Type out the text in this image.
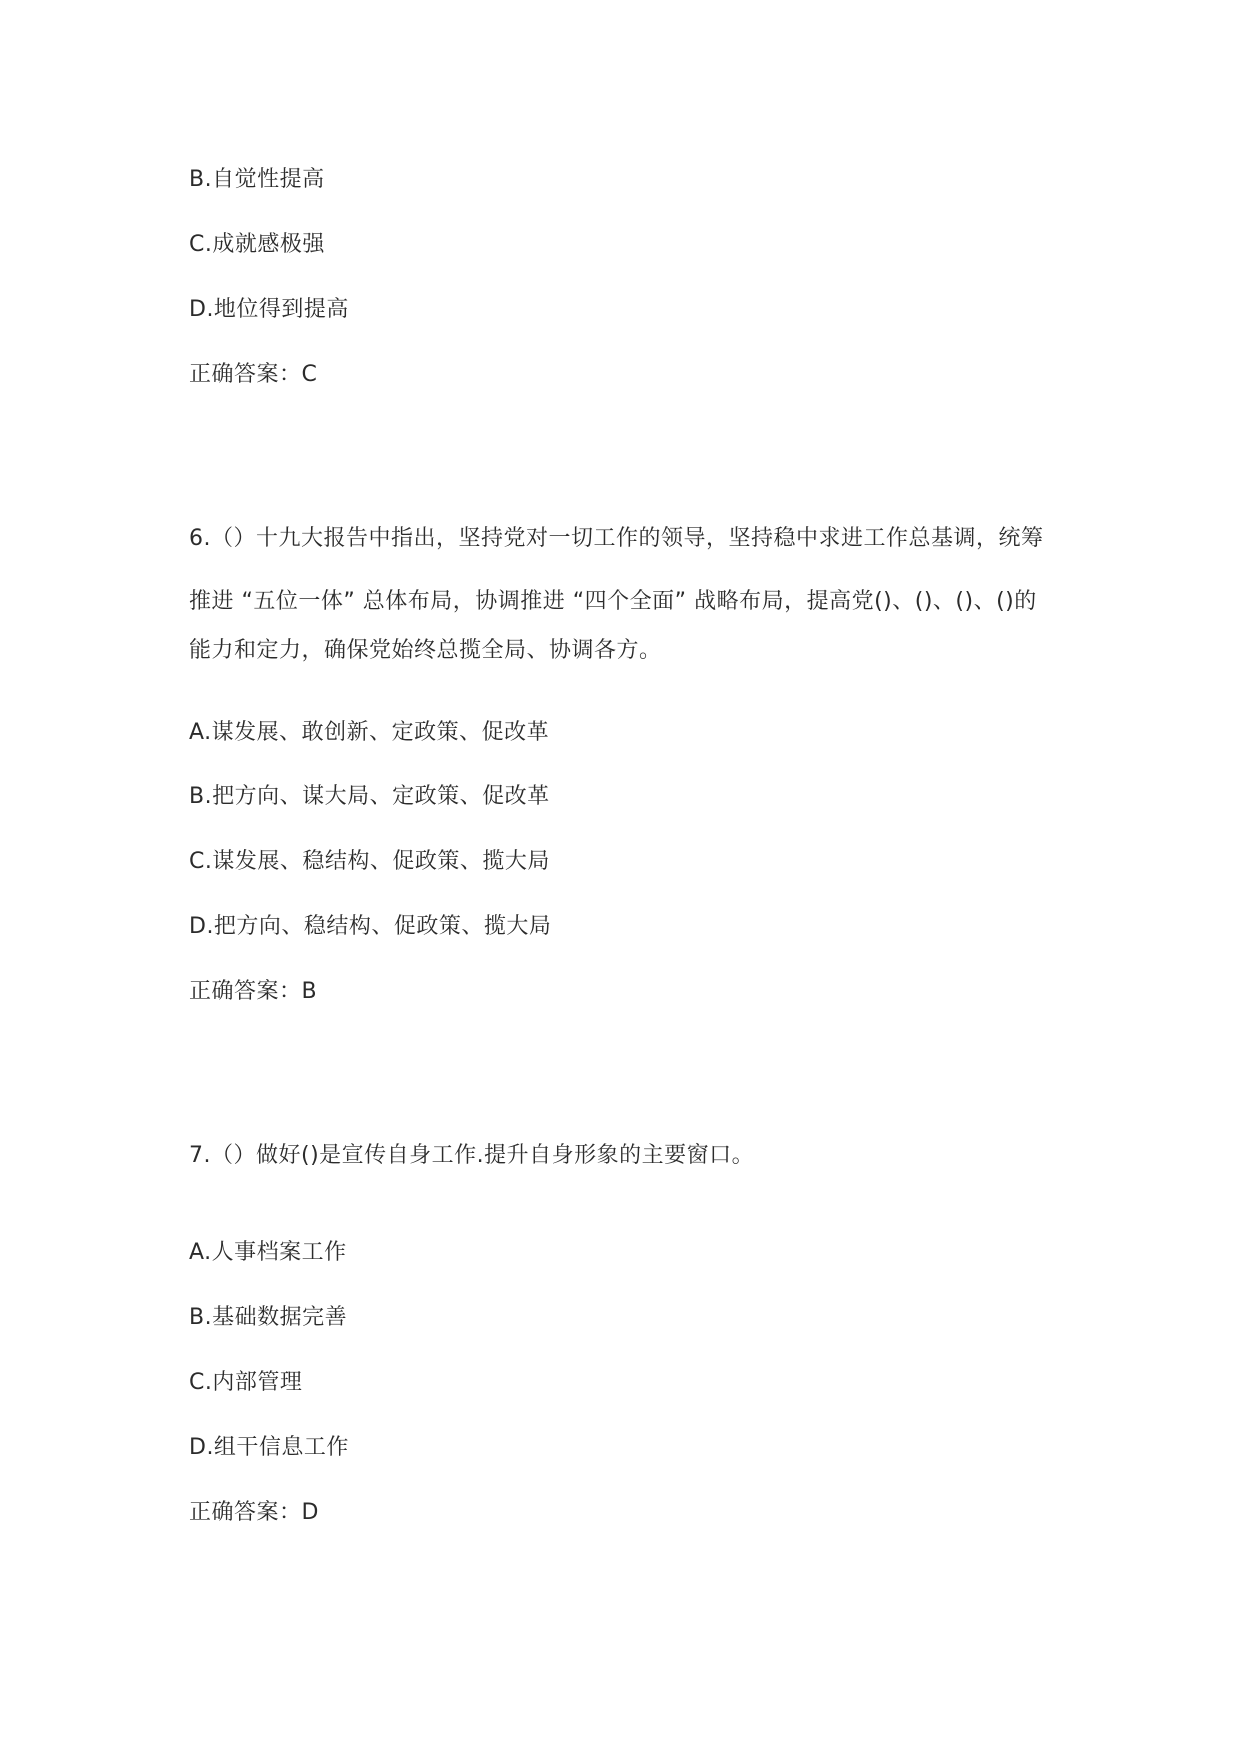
B.自觉性提高
C.成就感极强
D.地位得到提高
正确答案：C
6.（）十九大报告中指出，坚持党对一切工作的领导，坚持稳中求进工作总基调，统筹
推进 “五位一体” 总体布局，协调推进 “四个全面” 战略布局，提高党()、()、()、()的
能力和定力，确保党始终总揽全局、协调各方。
A.谋发展、敢创新、定政策、促改革
B.把方向、谋大局、定政策、促改革
C.谋发展、稳结构、促政策、揽大局
D.把方向、稳结构、促政策、揽大局
正确答案：B
7.（）做好()是宣传自身工作.提升自身形象的主要窗口。
A.人事档案工作
B.基础数据完善
C.内部管理
D.组干信息工作
正确答案：D
